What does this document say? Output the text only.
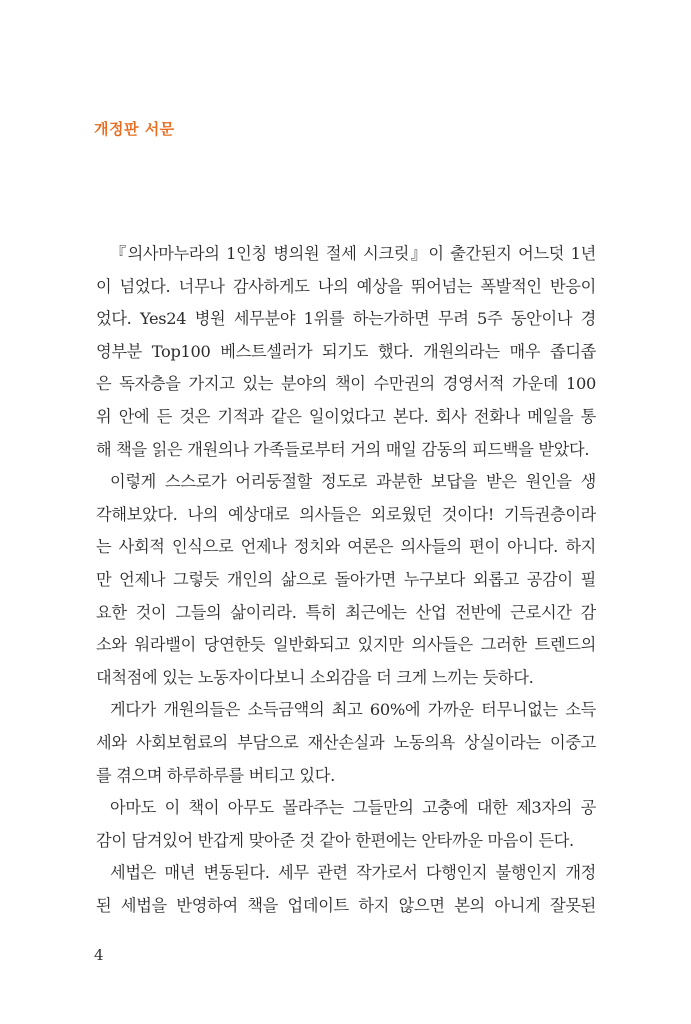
개정판 서문
『의사마누라의 1인칭 병의원 절세 시크릿』이 출간된지 어느덧 1년
이 넘었다. 너무나 감사하게도 나의 예상을 뛰어넘는 폭발적인 반응이
었다. Yes24 병원 세무분야 1위를 하는가하면 무려 5주 동안이나 경
영부분 Top100 베스트셀러가 되기도 했다. 개원의라는 매우 좁디좁
은 독자층을 가지고 있는 분야의 책이 수만권의 경영서적 가운데 100
위 안에 든 것은 기적과 같은 일이었다고 본다. 회사 전화나 메일을 통
해 책을 읽은 개원의나 가족들로부터 거의 매일 감동의 피드백을 받았다.
이렇게 스스로가 어리둥절할 정도로 과분한 보답을 받은 원인을 생
각해보았다. 나의 예상대로 의사들은 외로웠던 것이다! 기득권층이라
는 사회적 인식으로 언제나 정치와 여론은 의사들의 편이 아니다. 하지
만 언제나 그렇듯 개인의 삶으로 돌아가면 누구보다 외롭고 공감이 필
요한 것이 그들의 삶이리라. 특히 최근에는 산업 전반에 근로시간 감
소와 워라밸이 당연한듯 일반화되고 있지만 의사들은 그러한 트렌드의
대척점에 있는 노동자이다보니 소외감을 더 크게 느끼는 듯하다.
게다가 개원의들은 소득금액의 최고 60%에 가까운 터무니없는 소득
세와 사회보험료의 부담으로 재산손실과 노동의욕 상실이라는 이중고
를 겪으며 하루하루를 버티고 있다.
아마도 이 책이 아무도 몰라주는 그들만의 고충에 대한 제3자의 공
감이 담겨있어 반갑게 맞아준 것 같아 한편에는 안타까운 마음이 든다.
세법은 매년 변동된다. 세무 관련 작가로서 다행인지 불행인지 개정
된 세법을 반영하여 책을 업데이트 하지 않으면 본의 아니게 잘못된
4
